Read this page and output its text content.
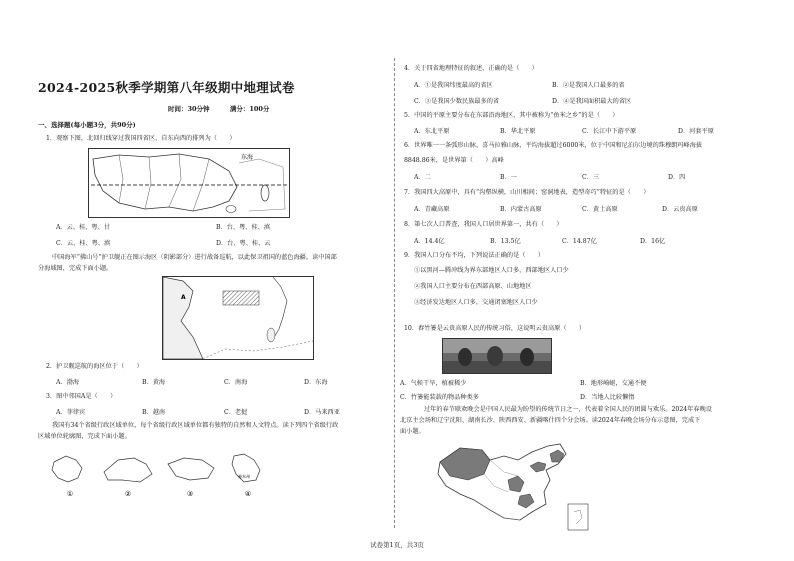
2024-2025秋季学期第八年级期中地理试卷
时间：30分钟	满分：100分
一、选择题(每小题3分，共90分)
1．观察下图，北回归线穿过我国四省区，自东向西的排列为（　　）
东海
A．云、桂、粤、甘	B．台、粤、桂、滇
C．云、桂、粤、滇	D．台、粤、桂、云
中国海军“佛山号”护卫舰正在图示海区（阴影部分）进行战备巡航，以此保卫祖国的蓝色海疆。读中国部
分海域图，完成下面小题。
A
2．护卫舰巡航的海区位于（　　）
A．渤海	B．黄海	C．南海	D．东海
3．图中邻国A是（　　）
A．菲律宾	B．越南	C．老挝	D．马来西亚
我国有34个省级行政区域单位，每个省级行政区域单位都有独特的自然和人文特点。读下列四个省级行政
区域单位轮廓图，完成下面小题。
①	②	③	④
神木州
4．关于四省地理特征的叙述，正确的是（　　）
A．①是我国纬度最高的省区	B．②是我国人口最多的省
C．③是我国少数民族最多的省	D．④是我国面积最大的省区
5．中国的平原主要分布在东部沿海地区，其中被称为“鱼米之乡”的是（　　）
A．东北平原	B．华北平原	C．长江中下游平原	D．河套平原
6．世界唯一一条弧形山脉，喜马拉雅山脉，平均海拔超过6000米，位于中国和尼泊尔边境的珠穆朗玛峰海拔
8848.86米，是世界第（　　）高峰
A．二	B．一	C．三	D．四
7．我国四大高原中，具有“沟壑纵横，山川相间；窑洞地表，造型奇巧”特征的是（　　）
A．青藏高原	B．内蒙古高原	C．黄土高原	D．云贵高原
8．第七次人口普查，我国人口居世界第一，共有（　　）
A．14.4亿	B．13.5亿	C．14.87亿	D．16亿
9．我国人口分布不均，下列说法正确的是（　　）
①以黑河—腾冲线为界东部地区人口多，西部地区人口少
②我国人口主要分布在西部高原、山地地区
③经济发达地区人口多，交通闭塞地区人口少
10．舂竹篓是云贵高原人民的传统习俗，这说明云贵高原（　　）
A．气候干旱，植被稀少	B．地形崎岖，交通不便
C．竹篓能装载的物品种类多	D．当地人比较懒惰
过年的春节联欢晚会是中国人民最为盼望的传统节日之一，代表着全国人民的团圆与欢乐。2024年春晚设
北京主会场和辽宁沈阳、湖南长沙、陕西西安、新疆喀什四个分会场。读2024年春晚会场分布示意图，完成下
面小题。
试卷第1页，共3页
